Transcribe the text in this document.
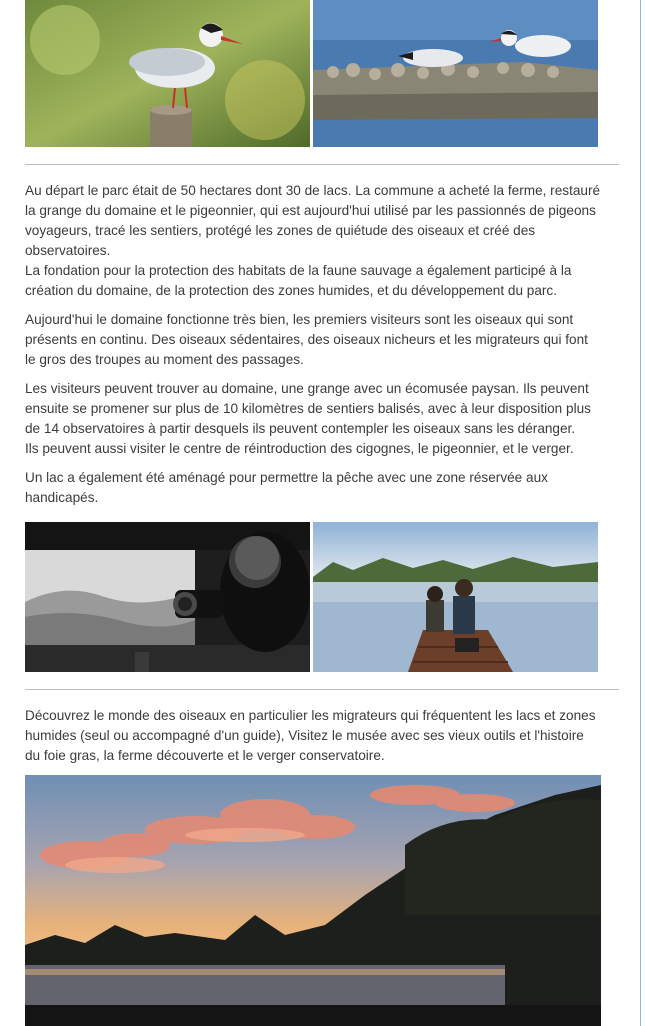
Au départ le parc était de 50 hectares dont 30 de lacs. La commune a acheté la ferme, restauré
la grange du domaine et le pigeonnier, qui est aujourd'hui utilisé par les passionnés de pigeons
voyageurs, tracé les sentiers, protégé les zones de quiétude des oiseaux et créé des
observatoires.
La fondation pour la protection des habitats de la faune sauvage a également participé à la
création du domaine, de la protection des zones humides, et du développement du parc.

Aujourd'hui le domaine fonctionne très bien, les premiers visiteurs sont les oiseaux qui sont
présents en continu. Des oiseaux sédentaires, des oiseaux nicheurs et les migrateurs qui font
le gros des troupes au moment des passages.

Les visiteurs peuvent trouver au domaine, une grange avec un écomusée paysan. Ils peuvent
ensuite se promener sur plus de 10 kilomètres de sentiers balisés, avec à leur disposition plus
de 14 observatoires à partir desquels ils peuvent contempler les oiseaux sans les déranger.
Ils peuvent aussi visiter le centre de réintroduction des cigognes, le pigeonnier, et le verger.

Un lac a également été aménagé pour permettre la pêche avec une zone réservée aux
handicapés.

Découvrez le monde des oiseaux en particulier les migrateurs qui fréquentent les lacs et zones
humides (seul ou accompagné d'un guide), Visitez le musée avec ses vieux outils et l'histoire
du foie gras, la ferme découverte et le verger conservatoire.
